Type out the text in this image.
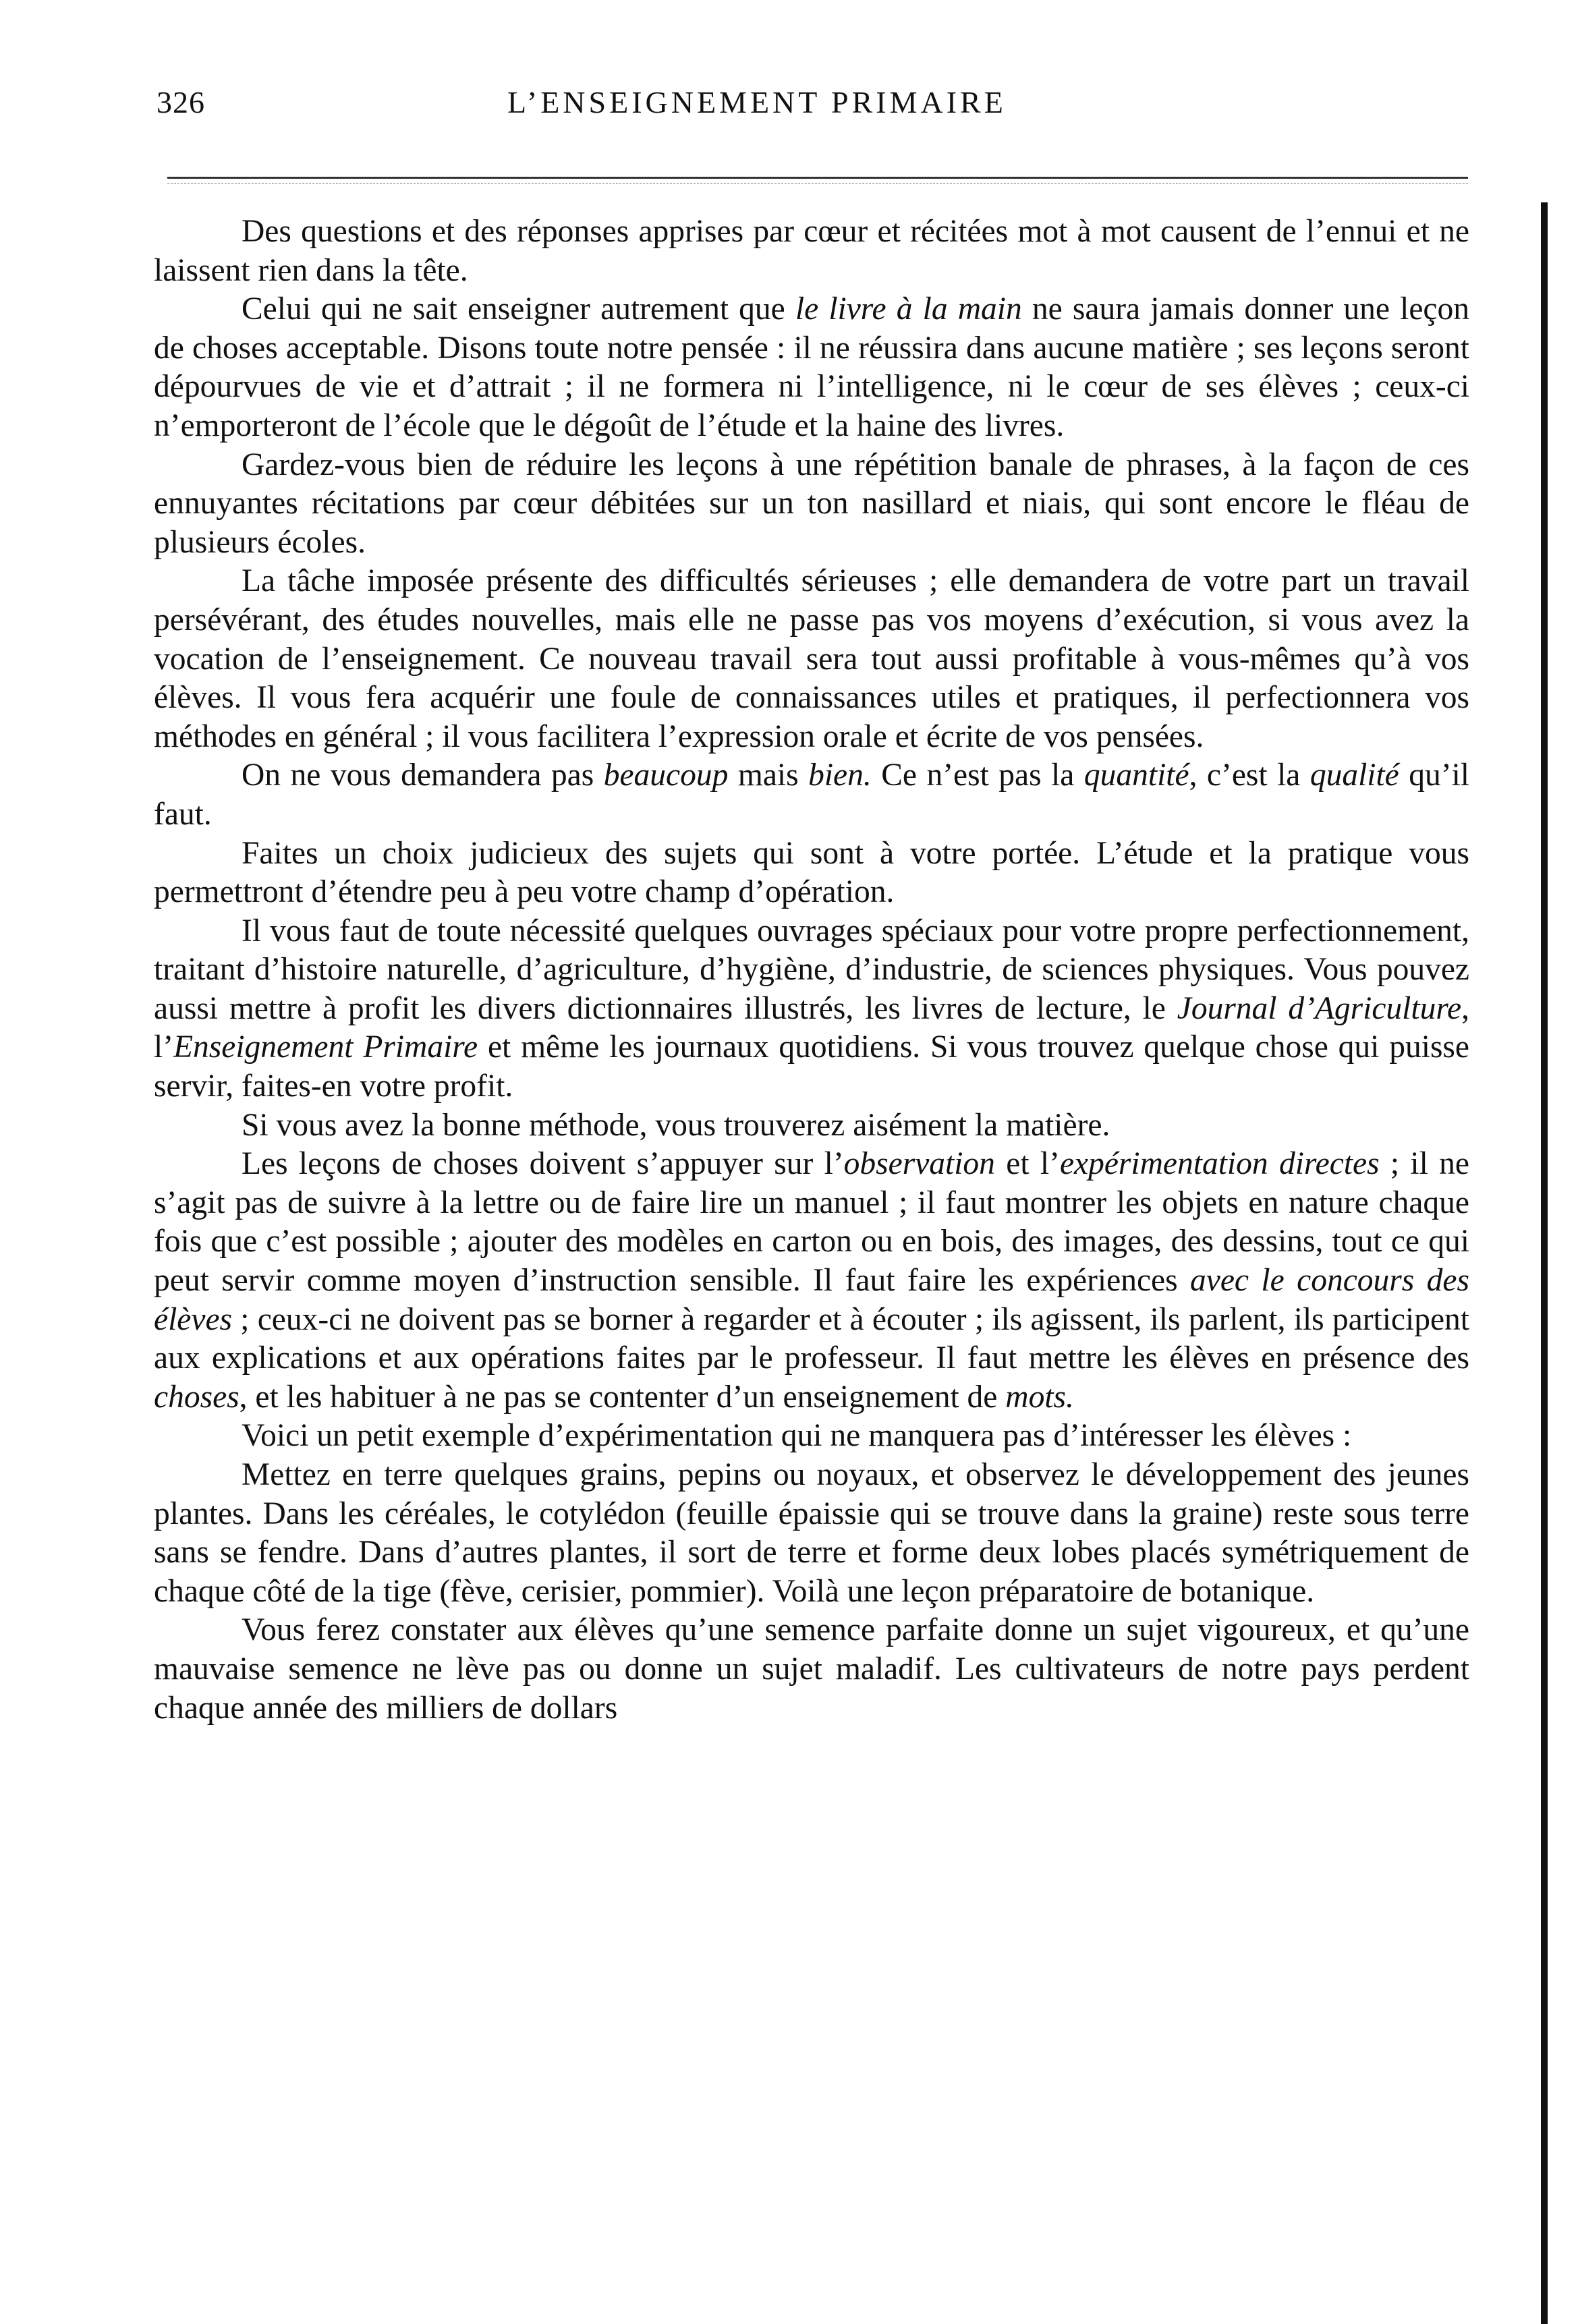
326	L’ENSEIGNEMENT PRIMAIRE

Des questions et des réponses apprises par cœur et récitées mot à mot causent de l’ennui et ne laissent rien dans la tête.

Celui qui ne sait enseigner autrement que le livre à la main ne saura jamais donner une leçon de choses acceptable. Disons toute notre pensée : il ne réussira dans aucune matière ; ses leçons seront dépourvues de vie et d’attrait ; il ne formera ni l’intelligence, ni le cœur de ses élèves ; ceux-ci n’emporteront de l’école que le dégoût de l’étude et la haine des livres.

Gardez-vous bien de réduire les leçons à une répétition banale de phrases, à la façon de ces ennuyantes récitations par cœur débitées sur un ton nasillard et niais, qui sont encore le fléau de plusieurs écoles.

La tâche imposée présente des difficultés sérieuses ; elle demandera de votre part un travail persévérant, des études nouvelles, mais elle ne passe pas vos moyens d’exécution, si vous avez la vocation de l’enseignement. Ce nouveau travail sera tout aussi profitable à vous-mêmes qu’à vos élèves. Il vous fera acquérir une foule de connaissances utiles et pratiques, il perfectionnera vos méthodes en général ; il vous facilitera l’expression orale et écrite de vos pensées.

On ne vous demandera pas beaucoup mais bien. Ce n’est pas la quantité, c’est la qualité qu’il faut.

Faites un choix judicieux des sujets qui sont à votre portée. L’étude et la pratique vous permettront d’étendre peu à peu votre champ d’opération.

Il vous faut de toute nécessité quelques ouvrages spéciaux pour votre propre perfectionnement, traitant d’histoire naturelle, d’agriculture, d’hygiène, d’industrie, de sciences physiques. Vous pouvez aussi mettre à profit les divers dictionnaires illustrés, les livres de lecture, le Journal d’Agriculture, l’Enseignement Primaire et même les journaux quotidiens. Si vous trouvez quelque chose qui puisse servir, faites-en votre profit.

Si vous avez la bonne méthode, vous trouverez aisément la matière.

Les leçons de choses doivent s’appuyer sur l’observation et l’expérimentation directes ; il ne s’agit pas de suivre à la lettre ou de faire lire un manuel ; il faut montrer les objets en nature chaque fois que c’est possible ; ajouter des modèles en carton ou en bois, des images, des dessins, tout ce qui peut servir comme moyen d’instruction sensible. Il faut faire les expériences avec le concours des élèves ; ceux-ci ne doivent pas se borner à regarder et à écouter ; ils agissent, ils parlent, ils participent aux explications et aux opérations faites par le professeur. Il faut mettre les élèves en présence des choses, et les habituer à ne pas se contenter d’un enseignement de mots.

Voici un petit exemple d’expérimentation qui ne manquera pas d’intéresser les élèves :

Mettez en terre quelques grains, pepins ou noyaux, et observez le développement des jeunes plantes. Dans les céréales, le cotylédon (feuille épaissie qui se trouve dans la graine) reste sous terre sans se fendre. Dans d’autres plantes, il sort de terre et forme deux lobes placés symétriquement de chaque côté de la tige (fève, cerisier, pommier). Voilà une leçon préparatoire de botanique.

Vous ferez constater aux élèves qu’une semence parfaite donne un sujet vigoureux, et qu’une mauvaise semence ne lève pas ou donne un sujet maladif. Les cultivateurs de notre pays perdent chaque année des milliers de dollars
